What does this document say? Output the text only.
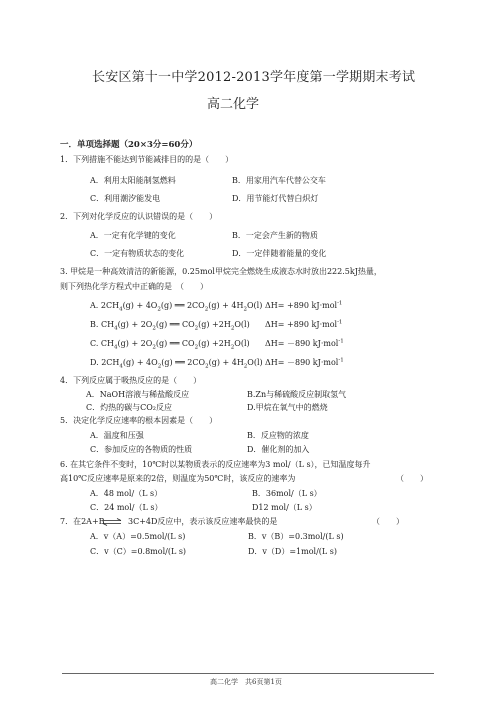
长安区第十一中学2012-2013学年度第一学期期末考试
高二化学
一．单项选择题（20×3分=60分）
1．下列措施不能达到节能减排目的的是（　　）
A．利用太阳能制氢燃料	B．用家用汽车代替公交车
C．利用潮汐能发电	D．用节能灯代替白炽灯
2．下列对化学反应的认识错误的是（　　）
A．一定有化学键的变化	B．一定会产生新的物质
C．一定有物质状态的变化	D．一定伴随着能量的变化
3. 甲烷是一种高效清洁的新能源，0.25mol甲烷完全燃烧生成液态水时放出222.5kJ热量，
则下列热化学方程式中正确的是　（　　）
A. $2CH_4(g) + 4O_2(g)$ ══ $2CO_2(g) + 4H_2O(l)$ ΔH= +890 kJ·mol$^{-1}$
B. $CH_4(g) + 2O_2(g)$ ══ $CO_2(g) +2H_2O(l)$ ΔH= +890 kJ·mol$^{-1}$
C. $CH_4(g) + 2O_2(g)$ ══ $CO_2(g) +2H_2O(l)$ ΔH= －890 kJ·mol$^{-1}$
D. $2CH_4(g) + 4O_2(g)$ ══ $2CO_2(g) + 4H_2O(l)$ ΔH= －890 kJ·mol$^{-1}$
4．下列反应属于吸热反应的是（　　）
A．NaOH溶液与稀盐酸反应	B.Zn与稀硫酸反应制取氢气
C．灼热的碳与CO₂反应	D.甲烷在氧气中的燃烧
5．决定化学反应速率的根本因素是（　　）
A．温度和压强	B．反应物的浓度
C．参加反应的各物质的性质	D．催化剂的加入
6. 在其它条件不变时，10℃时以某物质表示的反应速率为3 mol/（L s），已知温度每升
高10℃反应速率是原来的2倍，则温度为50℃时，该反应的速率为	（　　）
A．48 mol/（L s）	B．36mol/（L s）
C．24 mol/（L s）	D12 mol/（L s）
7．在2A+B ⇌ 3C+4D反应中，表示该反应速率最快的是	（　　）
A．v（A）=0.5mol/(L s)	B．v（B）=0.3mol/(L s)
C．v（C）=0.8mol/(L s)	D．v（D）=1mol/(L s)
高二化学　共6页第1页
